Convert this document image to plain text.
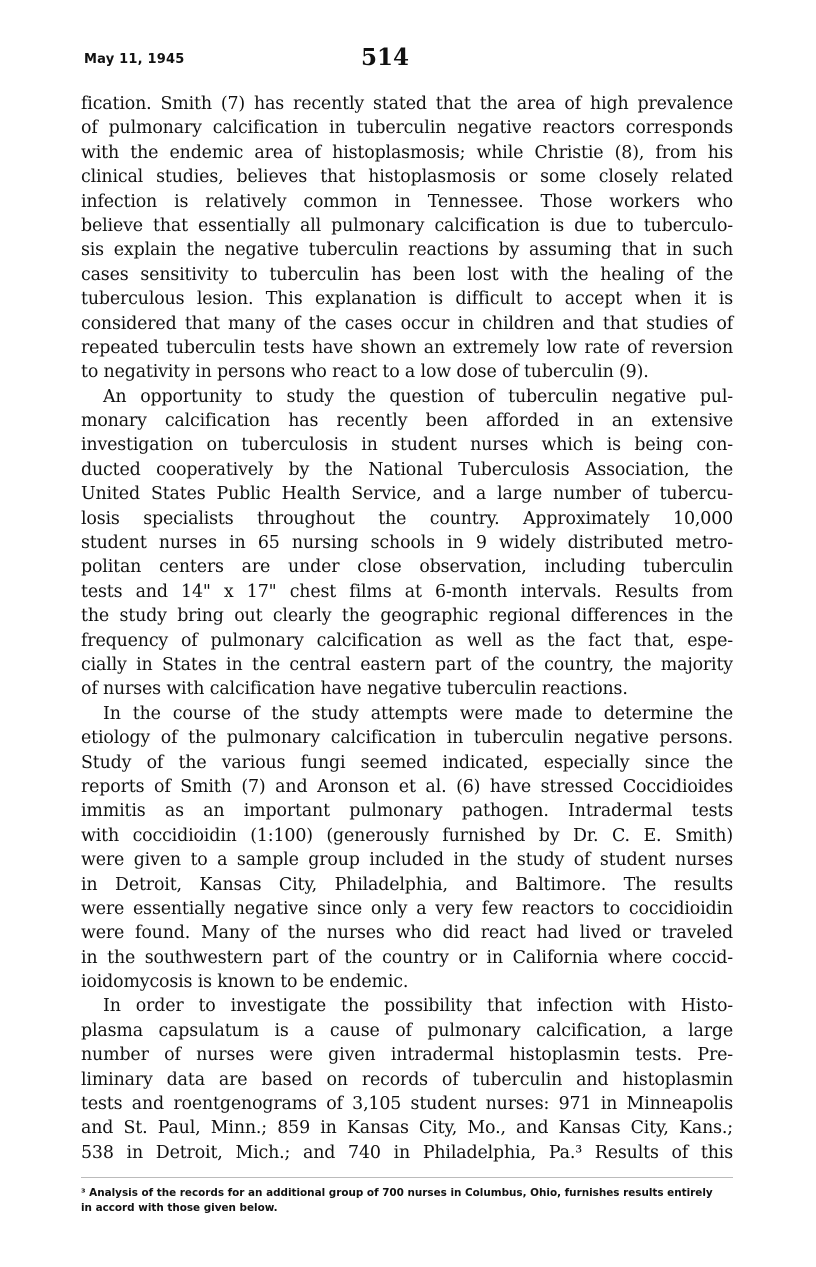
May 11, 1945	514
fication. Smith (7) has recently stated that the area of high prevalence
of pulmonary calcification in tuberculin negative reactors corresponds
with the endemic area of histoplasmosis; while Christie (8), from his
clinical studies, believes that histoplasmosis or some closely related
infection is relatively common in Tennessee. Those workers who
believe that essentially all pulmonary calcification is due to tuberculo-
sis explain the negative tuberculin reactions by assuming that in such
cases sensitivity to tuberculin has been lost with the healing of the
tuberculous lesion. This explanation is difficult to accept when it is
considered that many of the cases occur in children and that studies of
repeated tuberculin tests have shown an extremely low rate of reversion
to negativity in persons who react to a low dose of tuberculin (9).
An opportunity to study the question of tuberculin negative pul-
monary calcification has recently been afforded in an extensive
investigation on tuberculosis in student nurses which is being con-
ducted cooperatively by the National Tuberculosis Association, the
United States Public Health Service, and a large number of tubercu-
losis specialists throughout the country. Approximately 10,000
student nurses in 65 nursing schools in 9 widely distributed metro-
politan centers are under close observation, including tuberculin
tests and 14" x 17" chest films at 6-month intervals. Results from
the study bring out clearly the geographic regional differences in the
frequency of pulmonary calcification as well as the fact that, espe-
cially in States in the central eastern part of the country, the majority
of nurses with calcification have negative tuberculin reactions.
In the course of the study attempts were made to determine the
etiology of the pulmonary calcification in tuberculin negative persons.
Study of the various fungi seemed indicated, especially since the
reports of Smith (7) and Aronson et al. (6) have stressed Coccidioides
immitis as an important pulmonary pathogen. Intradermal tests
with coccidioidin (1:100) (generously furnished by Dr. C. E. Smith)
were given to a sample group included in the study of student nurses
in Detroit, Kansas City, Philadelphia, and Baltimore. The results
were essentially negative since only a very few reactors to coccidioidin
were found. Many of the nurses who did react had lived or traveled
in the southwestern part of the country or in California where coccid-
ioidomycosis is known to be endemic.
In order to investigate the possibility that infection with Histo-
plasma capsulatum is a cause of pulmonary calcification, a large
number of nurses were given intradermal histoplasmin tests. Pre-
liminary data are based on records of tuberculin and histoplasmin
tests and roentgenograms of 3,105 student nurses: 971 in Minneapolis
and St. Paul, Minn.; 859 in Kansas City, Mo., and Kansas City, Kans.;
538 in Detroit, Mich.; and 740 in Philadelphia, Pa.³ Results of this
³ Analysis of the records for an additional group of 700 nurses in Columbus, Ohio, furnishes results entirely
in accord with those given below.
